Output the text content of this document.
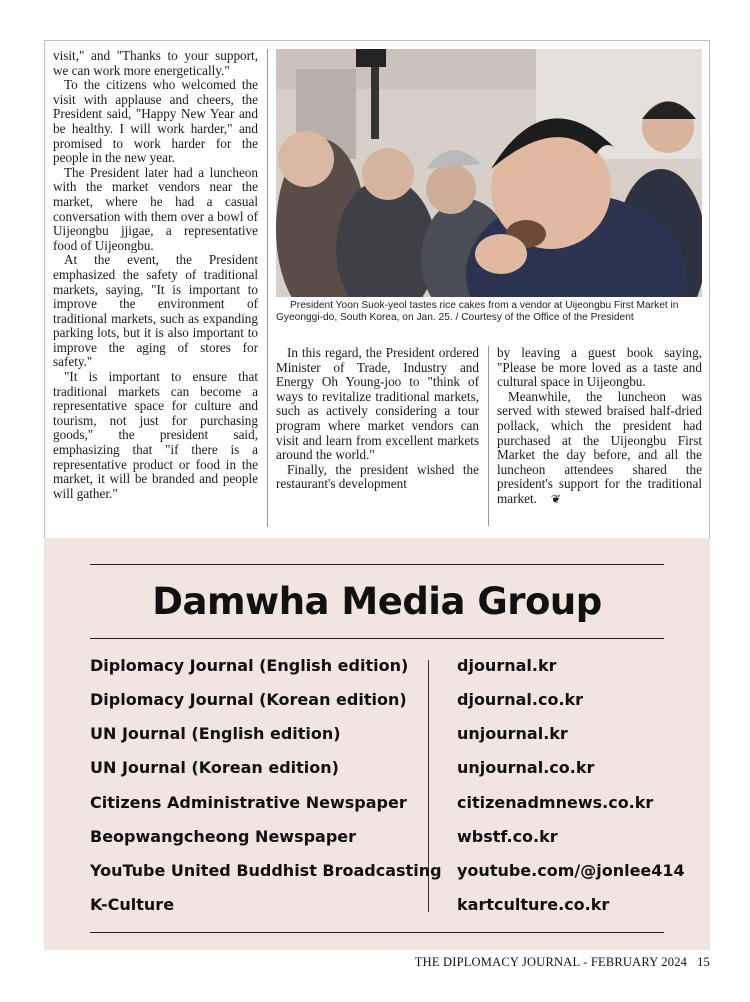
visit," and "Thanks to your support, we can work more energetically."

To the citizens who welcomed the visit with applause and cheers, the President said, "Happy New Year and be healthy. I will work harder," and promised to work harder for the people in the new year.

The President later had a luncheon with the market vendors near the market, where he had a casual conversation with them over a bowl of Uijeongbu jjigae, a representative food of Uijeongbu.

At the event, the President emphasized the safety of traditional markets, saying, "It is important to improve the environment of traditional markets, such as expanding parking lots, but it is also important to improve the aging of stores for safety."

"It is important to ensure that traditional markets can become a representative space for culture and tourism, not just for purchasing goods," the president said, emphasizing that "if there is a representative product or food in the market, it will be branded and people will gather."

President Yoon Suok-yeol tastes rice cakes from a vendor at Uijeongbu First Market in Gyeonggi-do, South Korea, on Jan. 25. / Courtesy of the Office of the President

In this regard, the President ordered Minister of Trade, Industry and Energy Oh Young-joo to "think of ways to revitalize traditional markets, such as actively considering a tour program where market vendors can visit and learn from excellent markets around the world."

Finally, the president wished the restaurant's development

by leaving a guest book saying, "Please be more loved as a taste and cultural space in Uijeongbu.

Meanwhile, the luncheon was served with stewed braised half-dried pollack, which the president had purchased at the Uijeongbu First Market the day before, and all the luncheon attendees shared the president's support for the traditional market. ❦

Damwha Media Group
Diplomacy Journal (English edition)	djournal.kr
Diplomacy Journal (Korean edition)	djournal.co.kr
UN Journal (English edition)	unjournal.kr
UN Journal (Korean edition)	unjournal.co.kr
Citizens Administrative Newspaper	citizenadmnews.co.kr
Beopwangcheong Newspaper	wbstf.co.kr
YouTube United Buddhist Broadcasting youtube.com/@jonlee414
K-Culture	kartculture.co.kr
THE DIPLOMACY JOURNAL - FEBRUARY 2024 15
